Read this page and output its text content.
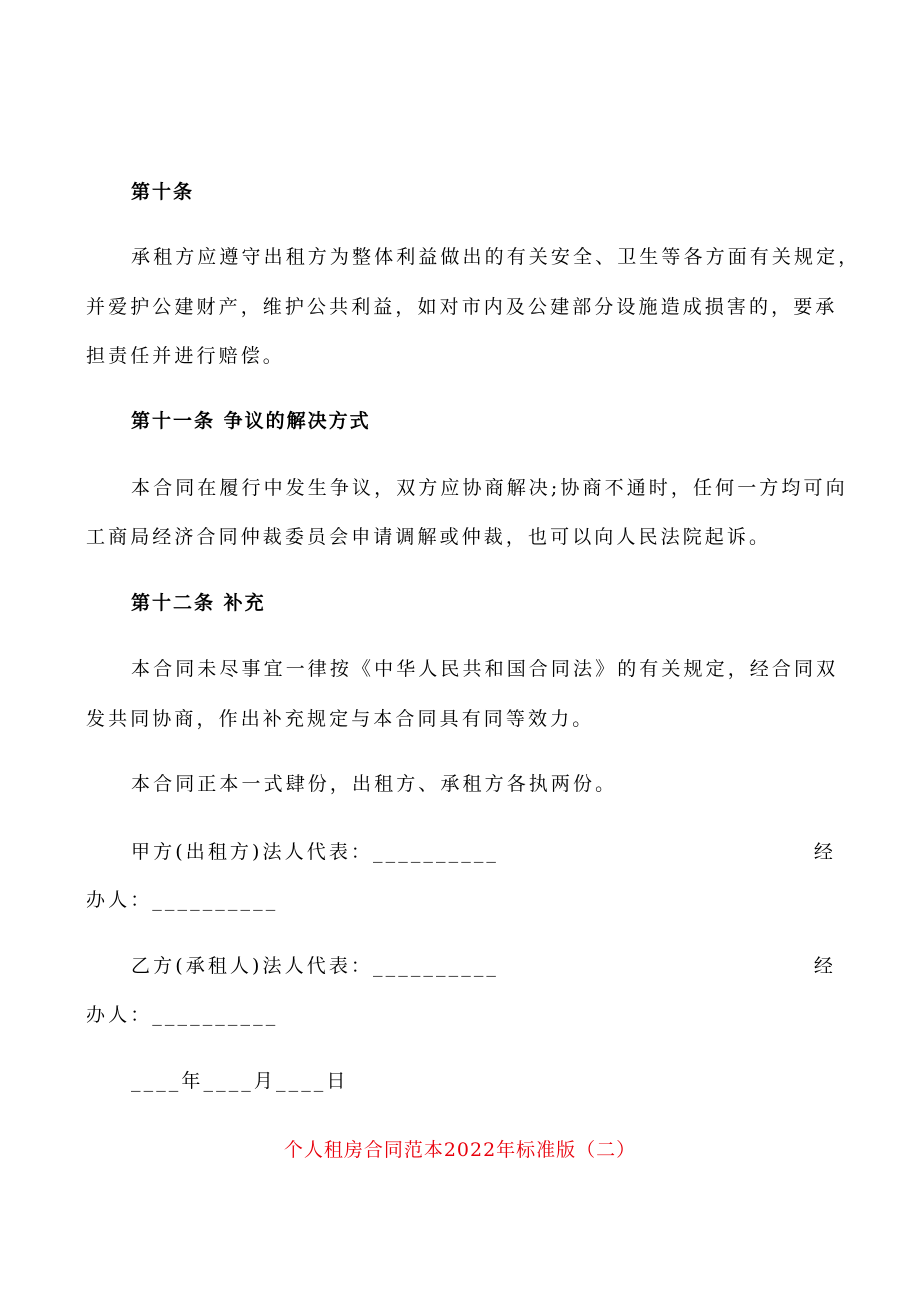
第十条
承租方应遵守出租方为整体利益做出的有关安全、卫生等各方面有关规定，
并爱护公建财产，维护公共利益，如对市内及公建部分设施造成损害的，要承
担责任并进行赔偿。
第十一条 争议的解决方式
本合同在履行中发生争议，双方应协商解决;协商不通时，任何一方均可向
工商局经济合同仲裁委员会申请调解或仲裁，也可以向人民法院起诉。
第十二条 补充
本合同未尽事宜一律按《中华人民共和国合同法》的有关规定，经合同双
发共同协商，作出补充规定与本合同具有同等效力。
本合同正本一式肆份，出租方、承租方各执两份。
甲方(出租方)法人代表：__________	经
办人：__________
乙方(承租人)法人代表：__________	经
办人：__________
____年____月____日
个人租房合同范本2022年标准版（二）
